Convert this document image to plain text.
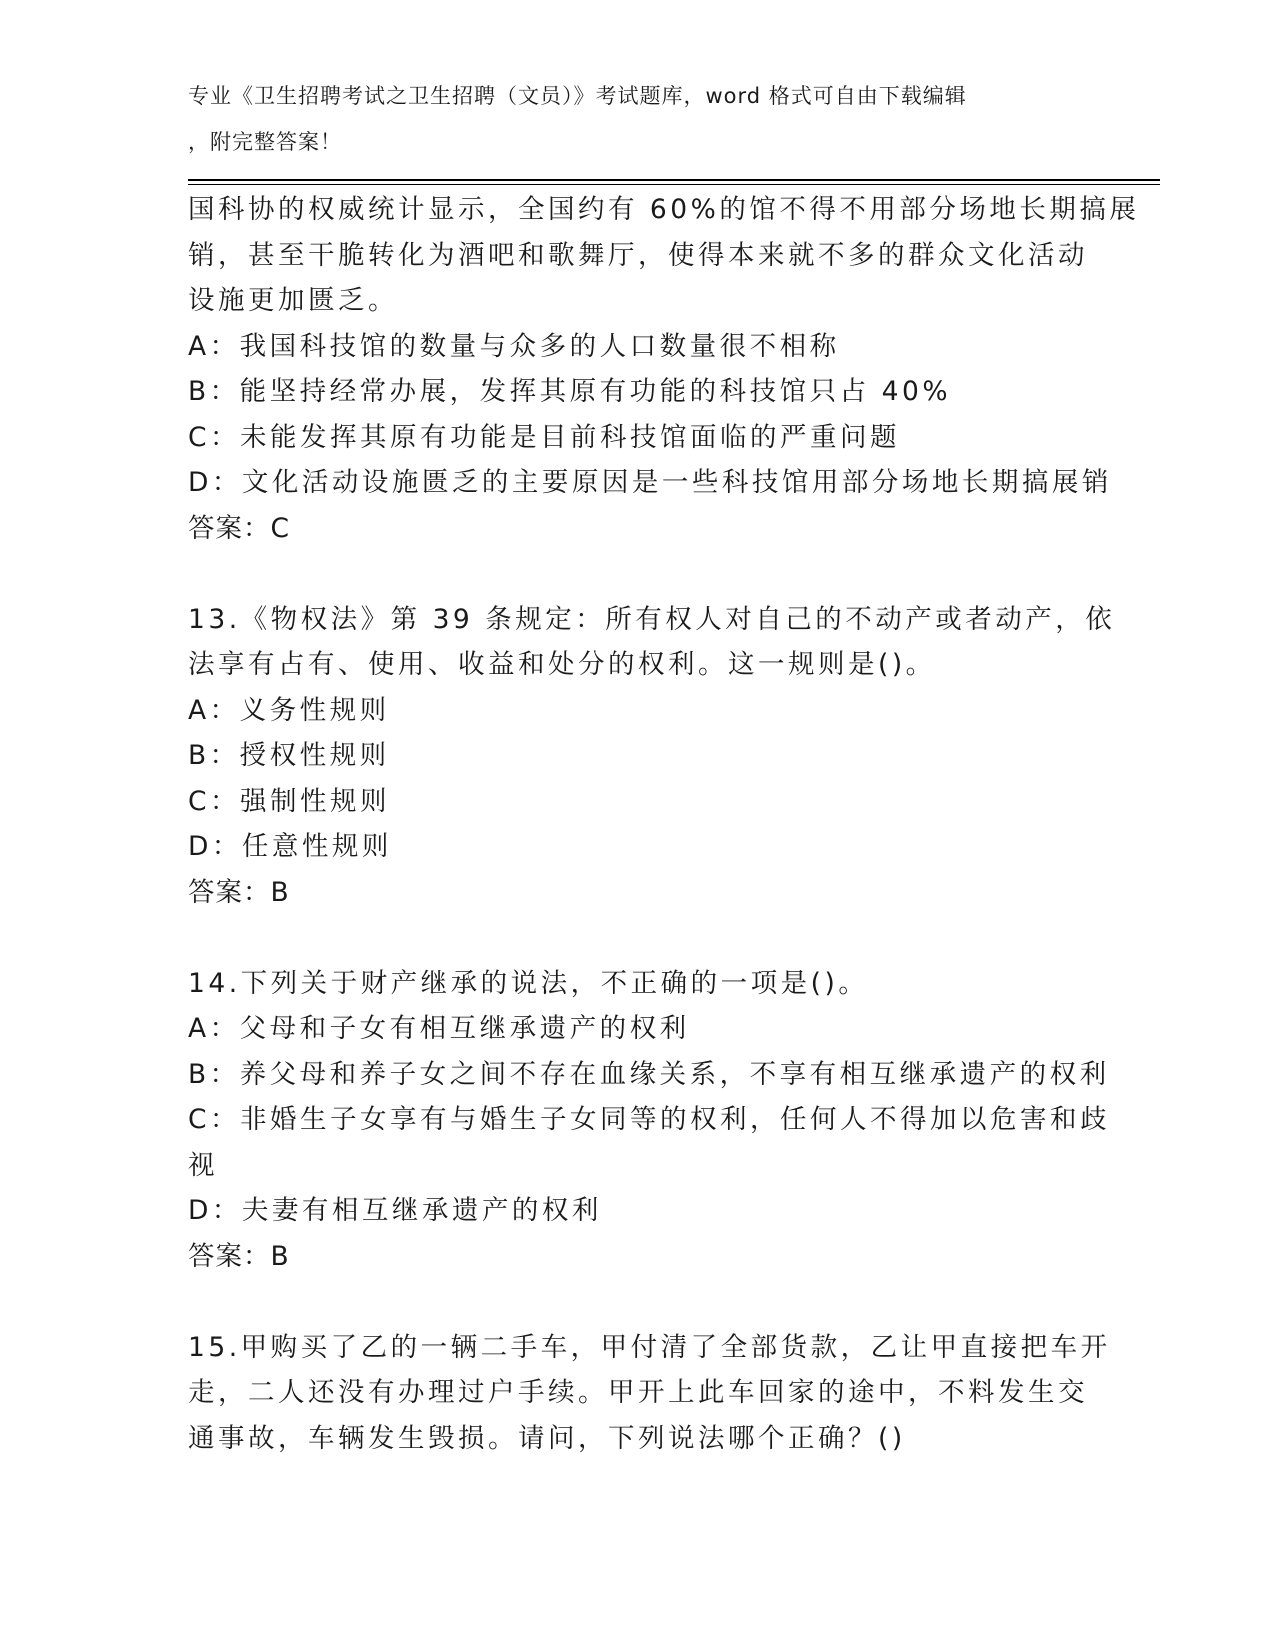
专业《卫生招聘考试之卫生招聘（文员）》考试题库，word 格式可自由下载编辑
，附完整答案！
国科协的权威统计显示，全国约有 60%的馆不得不用部分场地长期搞展
销，甚至干脆转化为酒吧和歌舞厅，使得本来就不多的群众文化活动
设施更加匮乏。
A：我国科技馆的数量与众多的人口数量很不相称
B：能坚持经常办展，发挥其原有功能的科技馆只占 40%
C：未能发挥其原有功能是目前科技馆面临的严重问题
D：文化活动设施匮乏的主要原因是一些科技馆用部分场地长期搞展销
答案：C
13.《物权法》第 39 条规定：所有权人对自己的不动产或者动产，依
法享有占有、使用、收益和处分的权利。这一规则是()。
A：义务性规则
B：授权性规则
C：强制性规则
D：任意性规则
答案：B
14.下列关于财产继承的说法，不正确的一项是()。
A：父母和子女有相互继承遗产的权利
B：养父母和养子女之间不存在血缘关系，不享有相互继承遗产的权利
C：非婚生子女享有与婚生子女同等的权利，任何人不得加以危害和歧
视
D：夫妻有相互继承遗产的权利
答案：B
15.甲购买了乙的一辆二手车，甲付清了全部货款，乙让甲直接把车开
走，二人还没有办理过户手续。甲开上此车回家的途中，不料发生交
通事故，车辆发生毁损。请问，下列说法哪个正确？()
